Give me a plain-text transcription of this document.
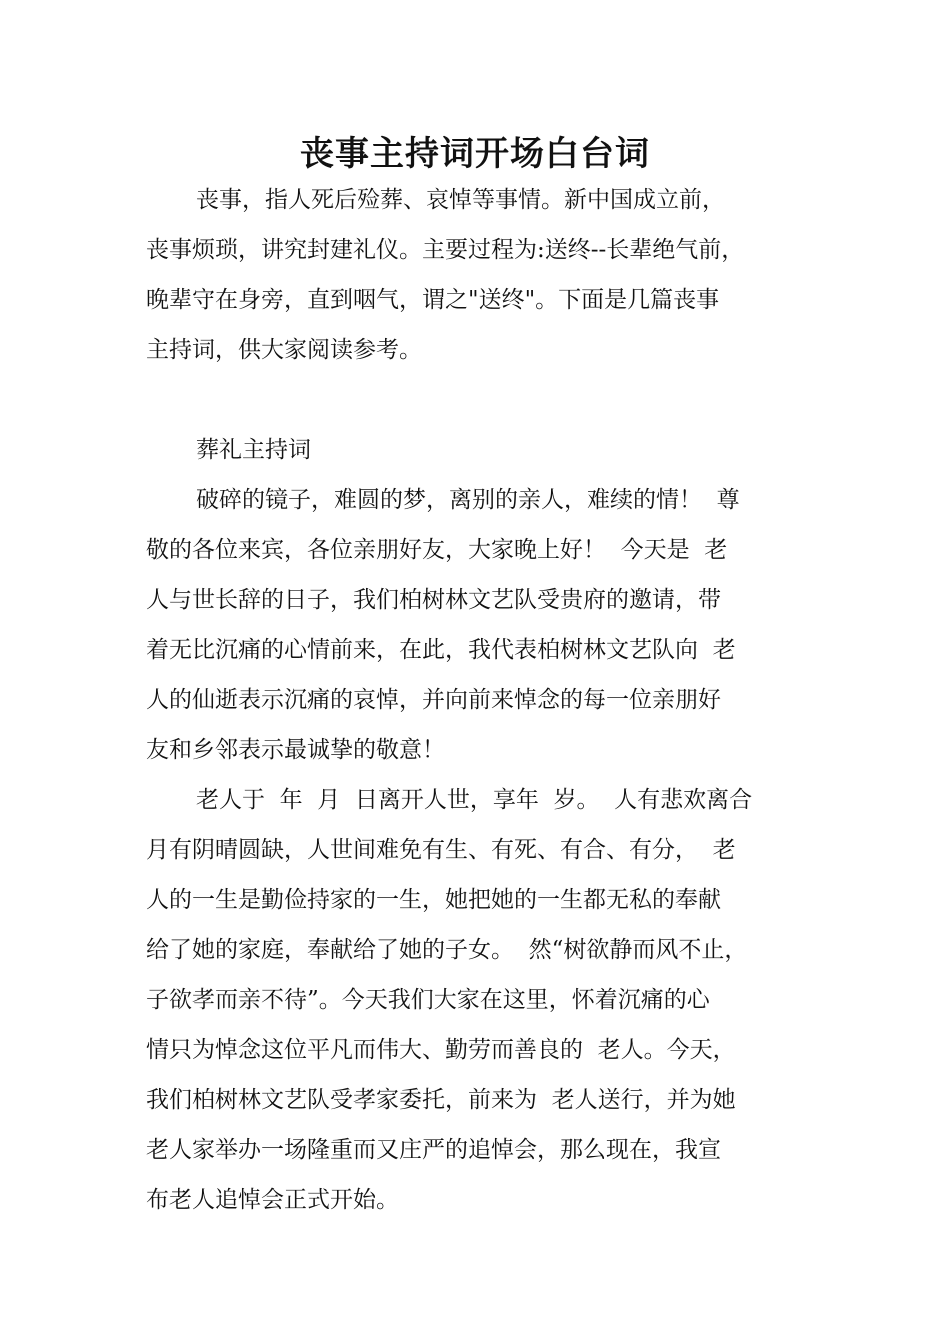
丧事主持词开场白台词
丧事，指人死后殓葬、哀悼等事情。新中国成立前，
丧事烦琐，讲究封建礼仪。主要过程为:送终--长辈绝气前，
晚辈守在身旁，直到咽气，谓之"送终"。下面是几篇丧事
主持词，供大家阅读参考。
葬礼主持词
破碎的镜子，难圆的梦，离别的亲人，难续的情！  尊
敬的各位来宾，各位亲朋好友，大家晚上好！  今天是  老
人与世长辞的日子，我们柏树林文艺队受贵府的邀请，带
着无比沉痛的心情前来，在此，我代表柏树林文艺队向  老
人的仙逝表示沉痛的哀悼，并向前来悼念的每一位亲朋好
友和乡邻表示最诚挚的敬意！
老人于  年  月  日离开人世，享年  岁。  人有悲欢离合
月有阴晴圆缺，人世间难免有生、有死、有合、有分，  老
人的一生是勤俭持家的一生，她把她的一生都无私的奉献
给了她的家庭，奉献给了她的子女。  然“树欲静而风不止，
子欲孝而亲不待”。今天我们大家在这里，怀着沉痛的心
情只为悼念这位平凡而伟大、勤劳而善良的  老人。今天，
我们柏树林文艺队受孝家委托，前来为  老人送行，并为她
老人家举办一场隆重而又庄严的追悼会，那么现在，我宣
布老人追悼会正式开始。
